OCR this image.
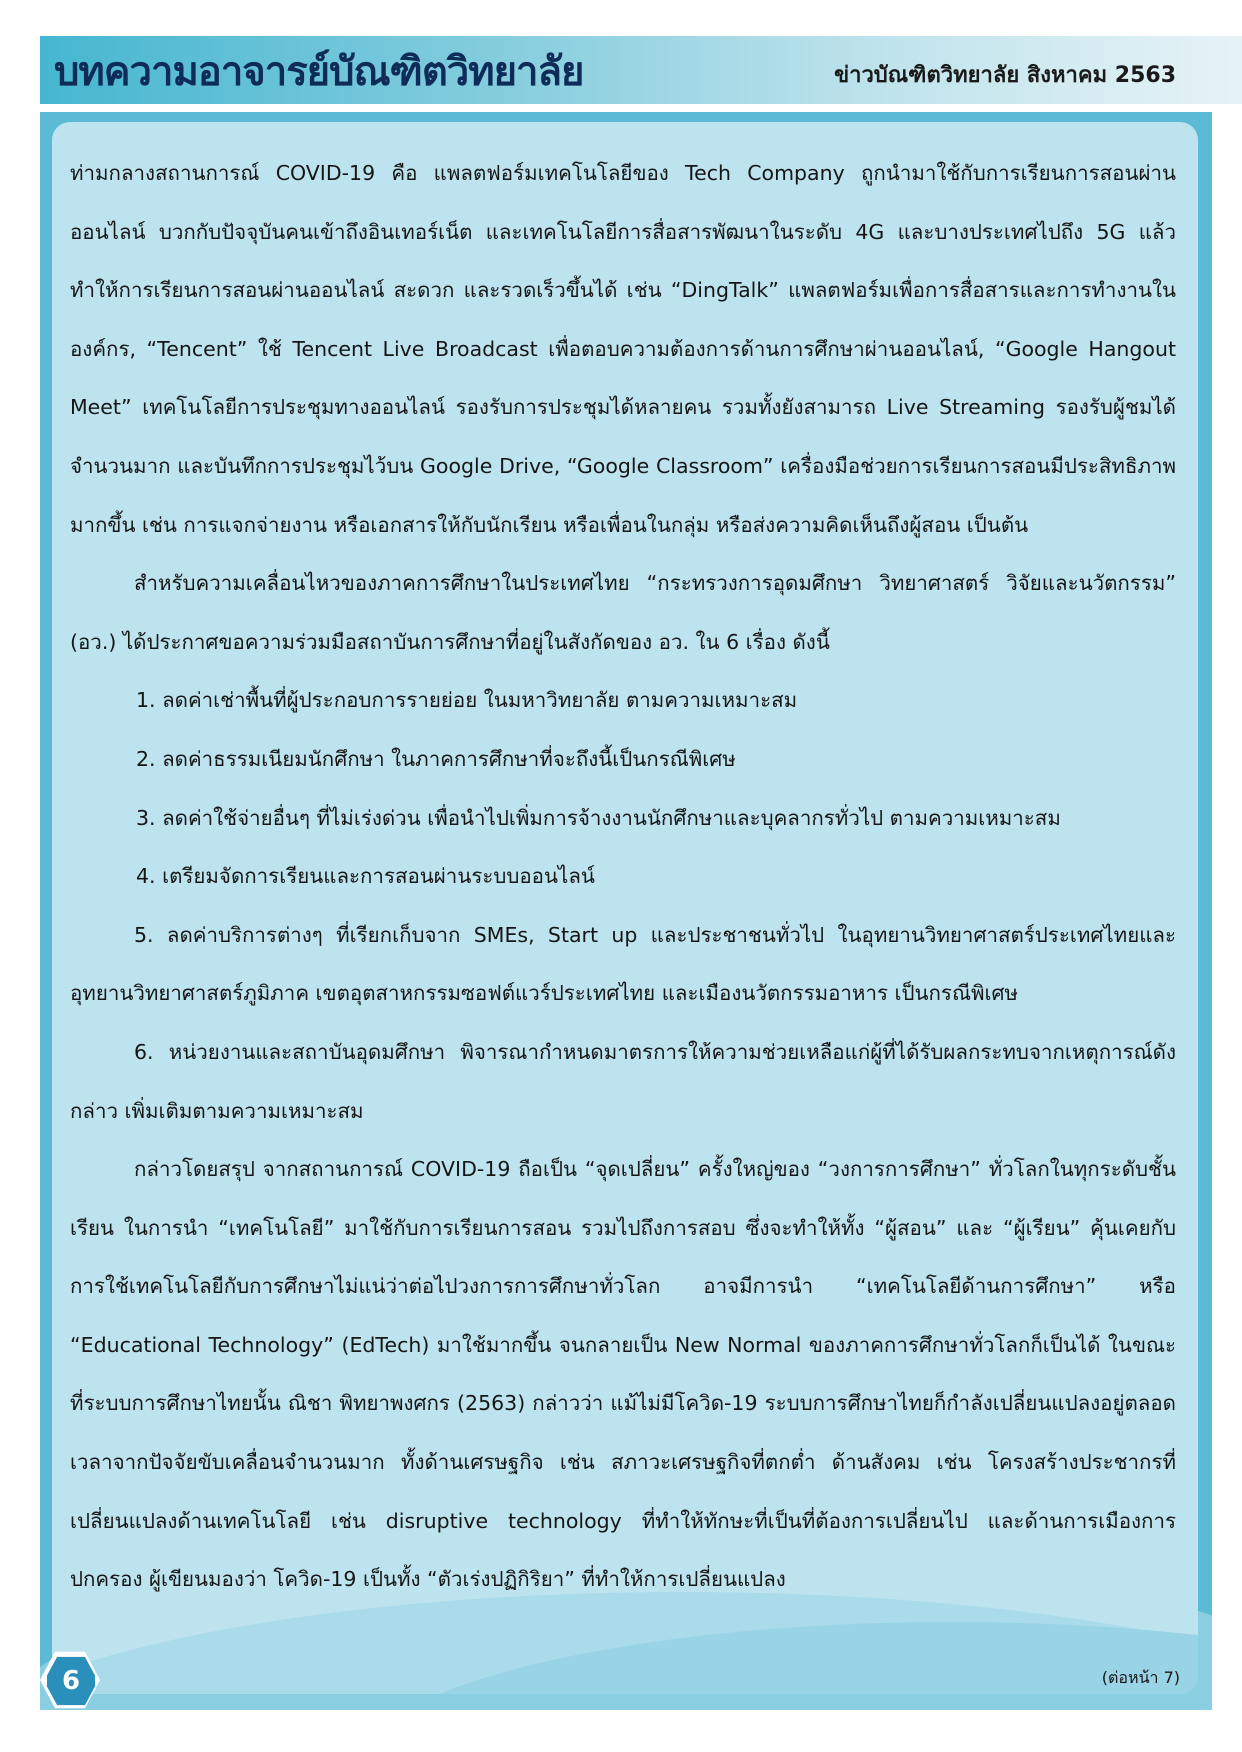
บทความอาจารย์บัณฑิตวิทยาลัย	ข่าวบัณฑิตวิทยาลัย สิงหาคม 2563

ท่ามกลางสถานการณ์ COVID-19 คือ แพลตฟอร์มเทคโนโลยีของ Tech Company ถูกนำมาใช้กับการเรียนการสอนผ่านออนไลน์ บวกกับปัจจุบันคนเข้าถึงอินเทอร์เน็ต และเทคโนโลยีการสื่อสารพัฒนาในระดับ 4G และบางประเทศไปถึง 5G แล้ว ทำให้การเรียนการสอนผ่านออนไลน์ สะดวก และรวดเร็วขึ้นได้ เช่น “DingTalk” แพลตฟอร์มเพื่อการสื่อสารและการทำงานในองค์กร, “Tencent” ใช้ Tencent Live Broadcast เพื่อตอบความต้องการด้านการศึกษาผ่านออนไลน์, “Google Hangout Meet” เทคโนโลยีการประชุมทางออนไลน์ รองรับการประชุมได้หลายคน รวมทั้งยังสามารถ Live Streaming รองรับผู้ชมได้จำนวนมาก และบันทึกการประชุมไว้บน Google Drive, “Google Classroom” เครื่องมือช่วยการเรียนการสอนมีประสิทธิภาพมากขึ้น เช่น การแจกจ่ายงาน หรือเอกสารให้กับนักเรียน หรือเพื่อนในกลุ่ม หรือส่งความคิดเห็นถึงผู้สอน เป็นต้น

สำหรับความเคลื่อนไหวของภาคการศึกษาในประเทศไทย “กระทรวงการอุดมศึกษา วิทยาศาสตร์ วิจัยและนวัตกรรม” (อว.) ได้ประกาศขอความร่วมมือสถาบันการศึกษาที่อยู่ในสังกัดของ อว. ใน 6 เรื่อง ดังนี้

1. ลดค่าเช่าพื้นที่ผู้ประกอบการรายย่อย ในมหาวิทยาลัย ตามความเหมาะสม

2. ลดค่าธรรมเนียมนักศึกษา ในภาคการศึกษาที่จะถึงนี้เป็นกรณีพิเศษ

3. ลดค่าใช้จ่ายอื่นๆ ที่ไม่เร่งด่วน เพื่อนำไปเพิ่มการจ้างงานนักศึกษาและบุคลากรทั่วไป ตามความเหมาะสม

4. เตรียมจัดการเรียนและการสอนผ่านระบบออนไลน์

5. ลดค่าบริการต่างๆ ที่เรียกเก็บจาก SMEs, Start up และประชาชนทั่วไป ในอุทยานวิทยาศาสตร์ประเทศไทยและอุทยานวิทยาศาสตร์ภูมิภาค เขตอุตสาหกรรมซอฟต์แวร์ประเทศไทย และเมืองนวัตกรรมอาหาร เป็นกรณีพิเศษ

6. หน่วยงานและสถาบันอุดมศึกษา พิจารณากำหนดมาตรการให้ความช่วยเหลือแก่ผู้ที่ได้รับผลกระทบจากเหตุการณ์ดังกล่าว เพิ่มเติมตามความเหมาะสม

กล่าวโดยสรุป จากสถานการณ์ COVID-19 ถือเป็น “จุดเปลี่ยน” ครั้งใหญ่ของ “วงการการศึกษา” ทั่วโลกในทุกระดับชั้นเรียน ในการนำ “เทคโนโลยี” มาใช้กับการเรียนการสอน รวมไปถึงการสอบ ซึ่งจะทำให้ทั้ง “ผู้สอน” และ “ผู้เรียน” คุ้นเคยกับการใช้เทคโนโลยีกับการศึกษาไม่แน่ว่าต่อไปวงการการศึกษาทั่วโลก อาจมีการนำ “เทคโนโลยีด้านการศึกษา” หรือ “Educational Technology” (EdTech) มาใช้มากขึ้น จนกลายเป็น New Normal ของภาคการศึกษาทั่วโลกก็เป็นได้ ในขณะที่ระบบการศึกษาไทยนั้น ณิชา พิทยาพงศกร (2563) กล่าวว่า แม้ไม่มีโควิด-19 ระบบการศึกษาไทยก็กำลังเปลี่ยนแปลงอยู่ตลอดเวลาจากปัจจัยขับเคลื่อนจำนวนมาก ทั้งด้านเศรษฐกิจ เช่น สภาวะเศรษฐกิจที่ตกต่ำ ด้านสังคม เช่น โครงสร้างประชากรที่เปลี่ยนแปลงด้านเทคโนโลยี เช่น disruptive technology ที่ทำให้ทักษะที่เป็นที่ต้องการเปลี่ยนไป และด้านการเมืองการปกครอง ผู้เขียนมองว่า โควิด-19 เป็นทั้ง “ตัวเร่งปฏิกิริยา” ที่ทำให้การเปลี่ยนแปลง

6	(ต่อหน้า 7)
